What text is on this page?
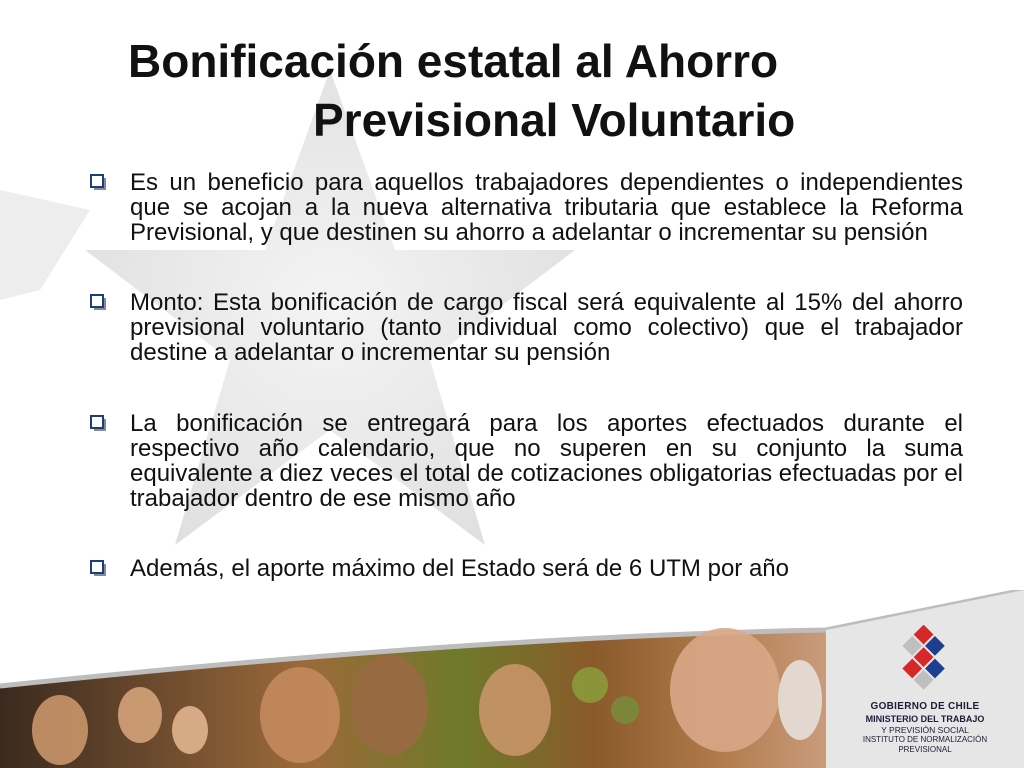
Bonificación estatal al Ahorro
Previsional Voluntario

Es un beneficio para aquellos trabajadores dependientes o independientes que se acojan a la nueva alternativa tributaria que establece la Reforma Previsional, y que destinen su ahorro a adelantar o incrementar su pensión

Monto: Esta bonificación de cargo fiscal será equivalente al 15% del ahorro previsional voluntario (tanto individual como colectivo) que el trabajador destine a adelantar o incrementar su pensión

La bonificación se entregará para los aportes efectuados durante el respectivo año calendario, que no superen en su conjunto la suma equivalente a diez veces el total de cotizaciones obligatorias efectuadas por el trabajador dentro de ese mismo año

Además, el aporte máximo del Estado será de 6 UTM por año

GOBIERNO DE CHILE

MINISTERIO DEL TRABAJO

Y PREVISIÓN SOCIAL

INSTITUTO DE NORMALIZACIÓN

PREVISIONAL
